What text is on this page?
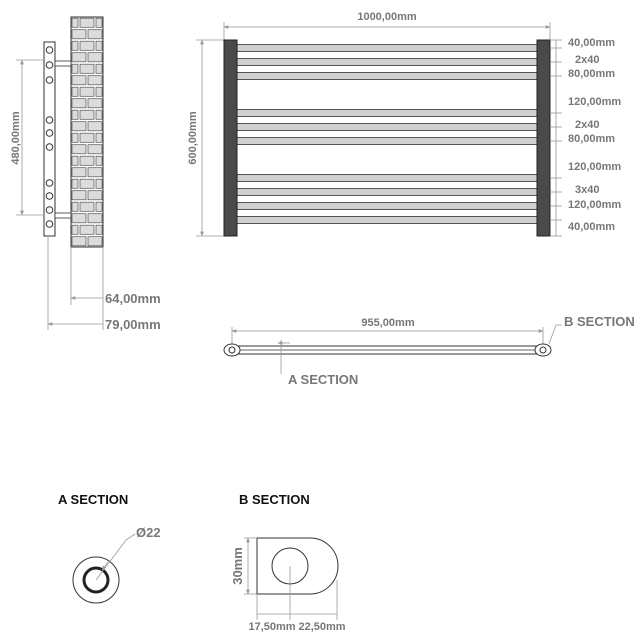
480,00mm
64,00mm
79,00mm
1000,00mm
600,00mm
40,00mm
2x40
80,00mm
120,00mm
2x40
80,00mm
120,00mm
3x40
120,00mm
40,00mm
955,00mm
A SECTION
B SECTION
A SECTION
Ø22
B SECTION
30mm
17,50mm 22,50mm
